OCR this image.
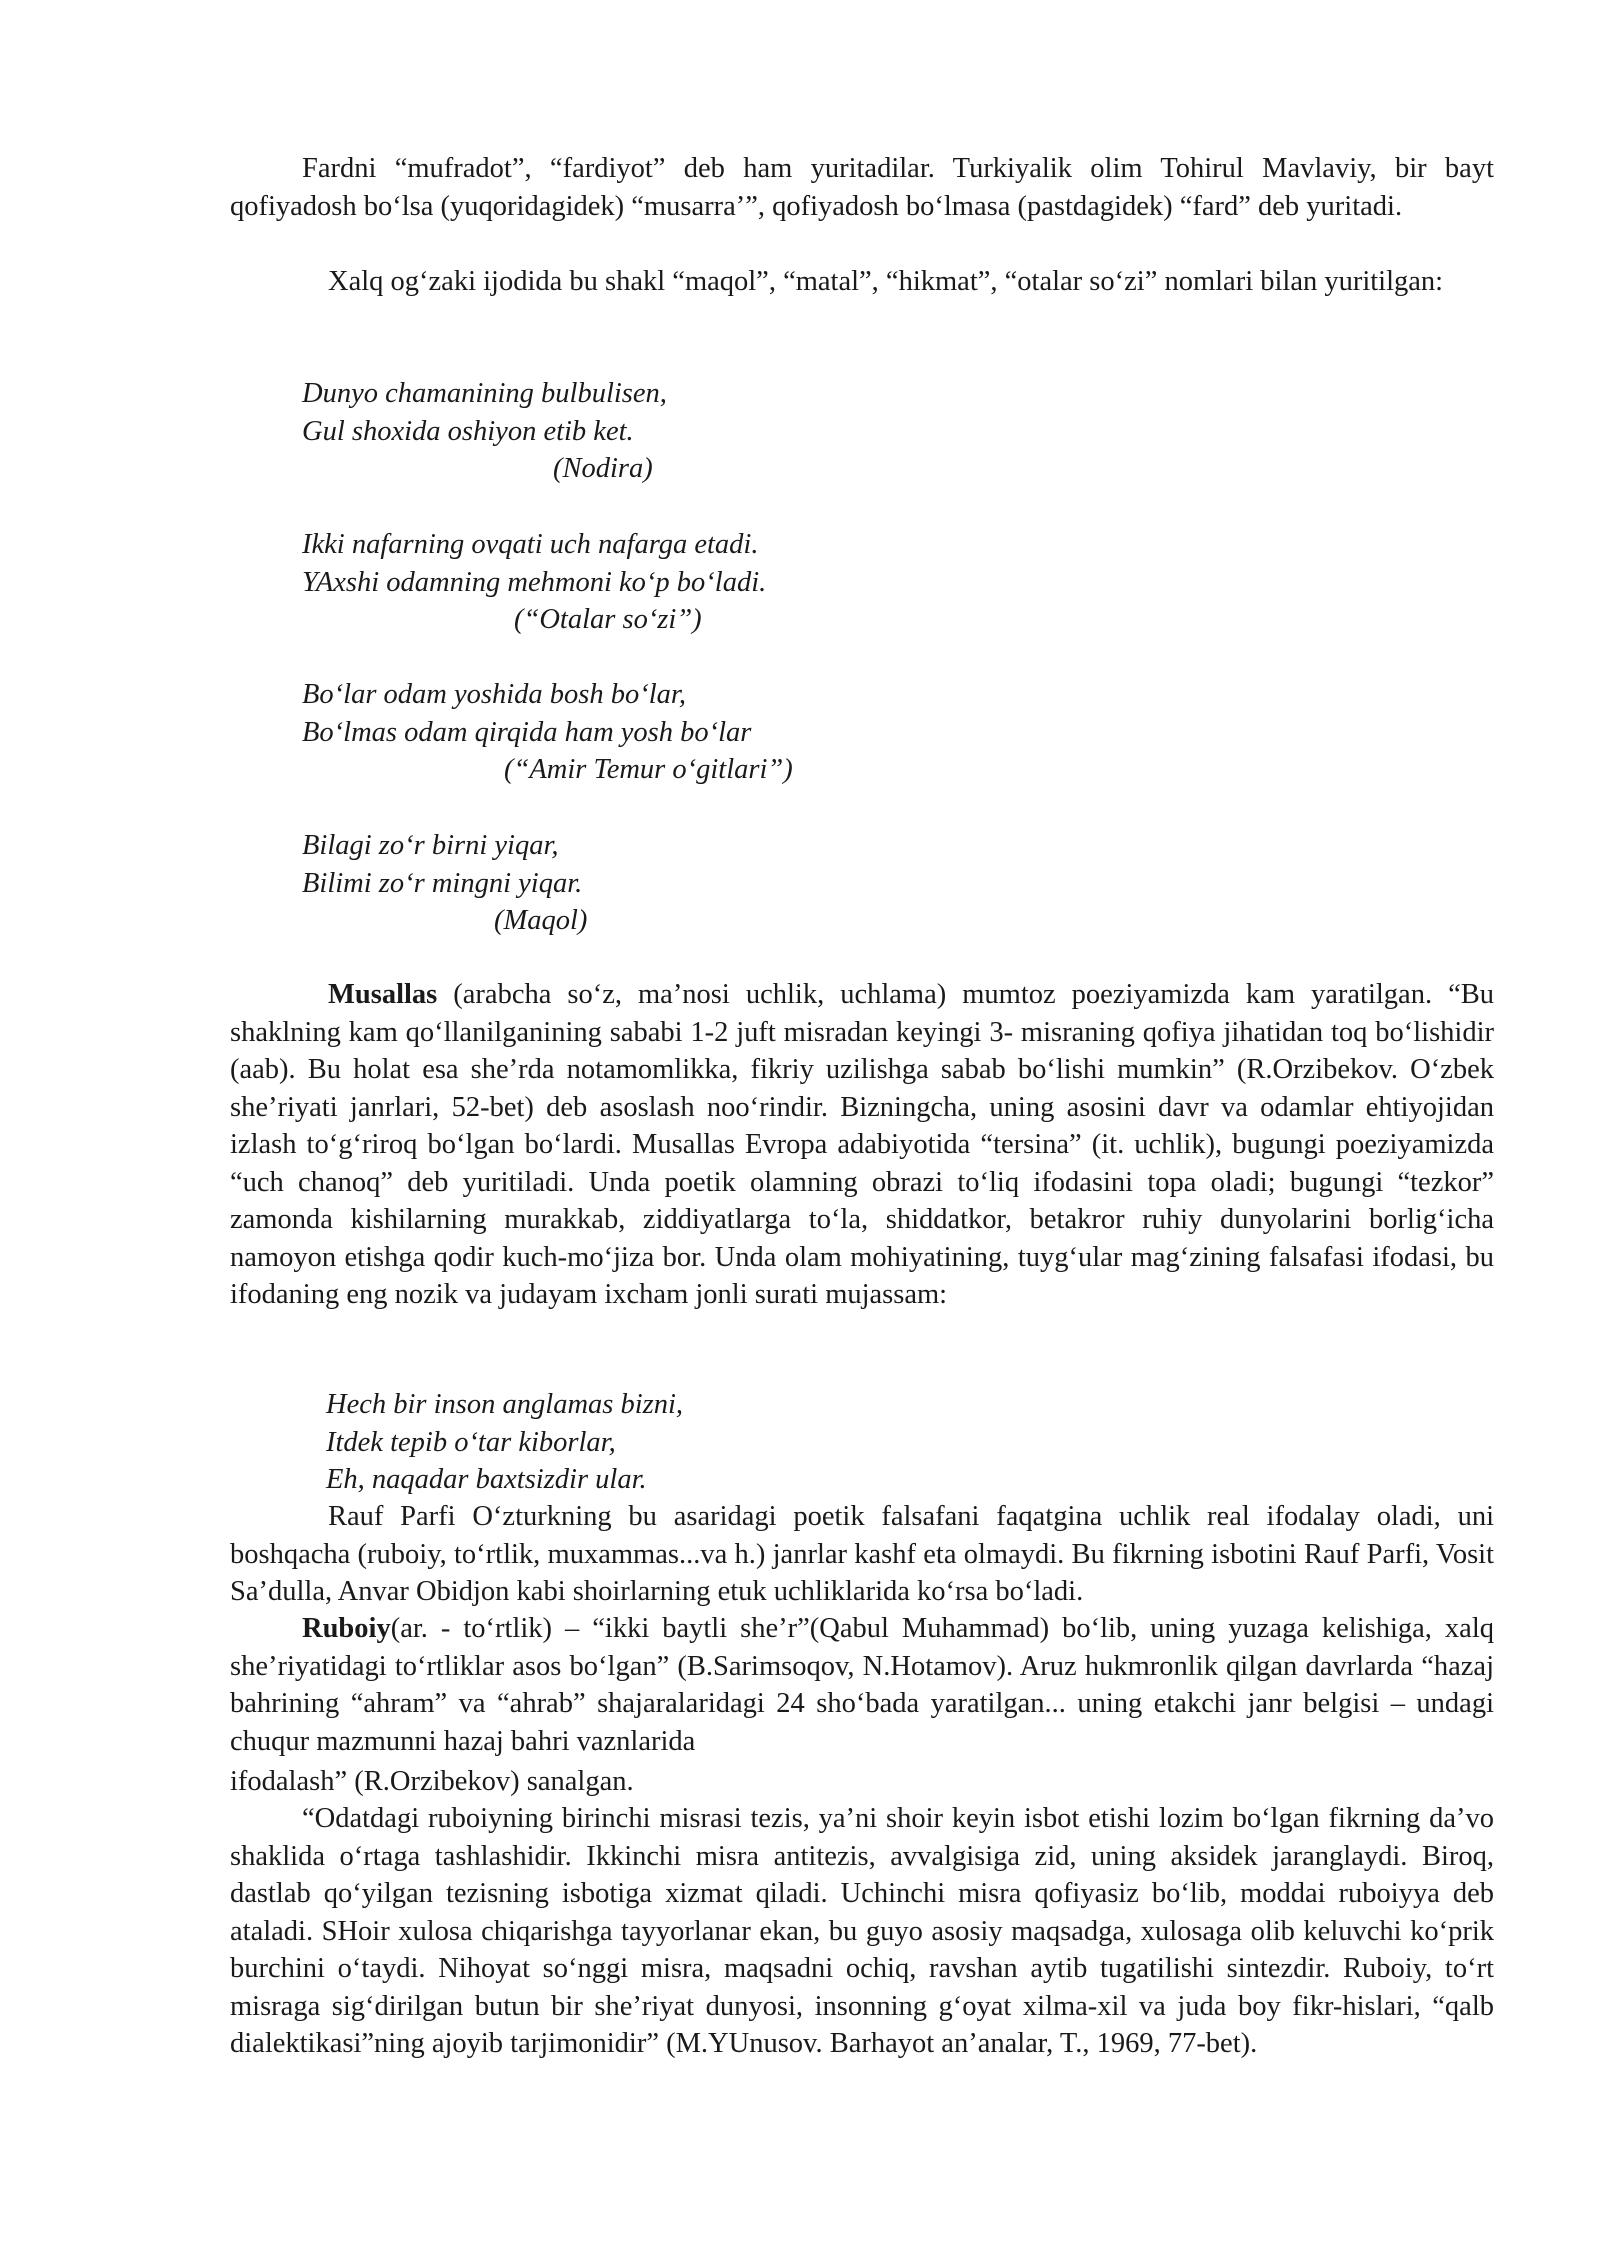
Fardni “mufradot”, “fardiyot” deb ham yuritadilar. Turkiyalik olim Tohirul Mavlaviy, bir bayt qofiyadosh bo‘lsa (yuqoridagidek) “musarra’”, qofiyadosh bo‘lmasa (pastdagidek) “fard” deb yuritadi.

Xalq og‘zaki ijodida bu shakl “maqol”, “matal”, “hikmat”, “otalar so‘zi” nomlari bilan yuritilgan:

Dunyo chamanining bulbulisen,
Gul shoxida oshiyon etib ket.
(Nodira)
Ikki nafarning ovqati uch nafarga etadi.
YAxshi odamning mehmoni ko‘p bo‘ladi.
(“Otalar so‘zi”)
Bo‘lar odam yoshida bosh bo‘lar,
Bo‘lmas odam qirqida ham yosh bo‘lar
(“Amir Temur o‘gitlari”)
Bilagi zo‘r birni yiqar,
Bilimi zo‘r mingni yiqar.
(Maqol)

Musallas (arabcha so‘z, ma’nosi uchlik, uchlama) mumtoz poeziyamizda kam yaratilgan. “Bu shaklning kam qo‘llanilganining sababi 1-2 juft misradan keyingi 3- misraning qofiya jihatidan toq bo‘lishidir (aab). Bu holat esa she’rda notamomlikka, fikriy uzilishga sabab bo‘lishi mumkin” (R.Orzibekov. O‘zbek she’riyati janrlari, 52-bet) deb asoslash noo‘rindir. Bizningcha, uning asosini davr va odamlar ehtiyojidan izlash to‘g‘riroq bo‘lgan bo‘lardi. Musallas Evropa adabiyotida “tersina” (it. uchlik), bugungi poeziyamizda “uch chanoq” deb yuritiladi. Unda poetik olamning obrazi to‘liq ifodasini topa oladi; bugungi “tezkor” zamonda kishilarning murakkab, ziddiyatlarga to‘la, shiddatkor, betakror ruhiy dunyolarini borlig‘icha namoyon etishga qodir kuch-mo‘jiza bor. Unda olam mohiyatining, tuyg‘ular mag‘zining falsafasi ifodasi, bu ifodaning eng nozik va judayam ixcham jonli surati mujassam:

Hech bir inson anglamas bizni,
Itdek tepib o‘tar kiborlar,
Eh, naqadar baxtsizdir ular.

Rauf Parfi O‘zturkning bu asaridagi poetik falsafani faqatgina uchlik real ifodalay oladi, uni boshqacha (ruboiy, to‘rtlik, muxammas...va h.) janrlar kashf eta olmaydi. Bu fikrning isbotini Rauf Parfi, Vosit Sa’dulla, Anvar Obidjon kabi shoirlarning etuk uchliklarida ko‘rsa bo‘ladi.

Ruboiy(ar. - to‘rtlik) – “ikki baytli she’r”(Qabul Muhammad) bo‘lib, uning yuzaga kelishiga, xalq she’riyatidagi to‘rtliklar asos bo‘lgan” (B.Sarimsoqov, N.Hotamov). Aruz hukmronlik qilgan davrlarda “hazaj bahrining “ahram” va “ahrab” shajaralaridagi 24 sho‘bada yaratilgan... uning etakchi janr belgisi – undagi chuqur mazmunni hazaj bahri vaznlarida

ifodalash” (R.Orzibekov) sanalgan.

“Odatdagi ruboiyning birinchi misrasi tezis, ya’ni shoir keyin isbot etishi lozim bo‘lgan fikrning da’vo shaklida o‘rtaga tashlashidir. Ikkinchi misra antitezis, avvalgisiga zid, uning aksidek jaranglaydi. Biroq, dastlab qo‘yilgan tezisning isbotiga xizmat qiladi. Uchinchi misra qofiyasiz bo‘lib, moddai ruboiyya deb ataladi. SHoir xulosa chiqarishga tayyorlanar ekan, bu guyo asosiy maqsadga, xulosaga olib keluvchi ko‘prik burchini o‘taydi. Nihoyat so‘nggi misra, maqsadni ochiq, ravshan aytib tugatilishi sintezdir. Ruboiy, to‘rt misraga sig‘dirilgan butun bir she’riyat dunyosi, insonning g‘oyat xilma-xil va juda boy fikr-hislari, “qalb dialektikasi”ning ajoyib tarjimonidir” (M.YUnusov. Barhayot an’analar, T., 1969, 77-bet).
